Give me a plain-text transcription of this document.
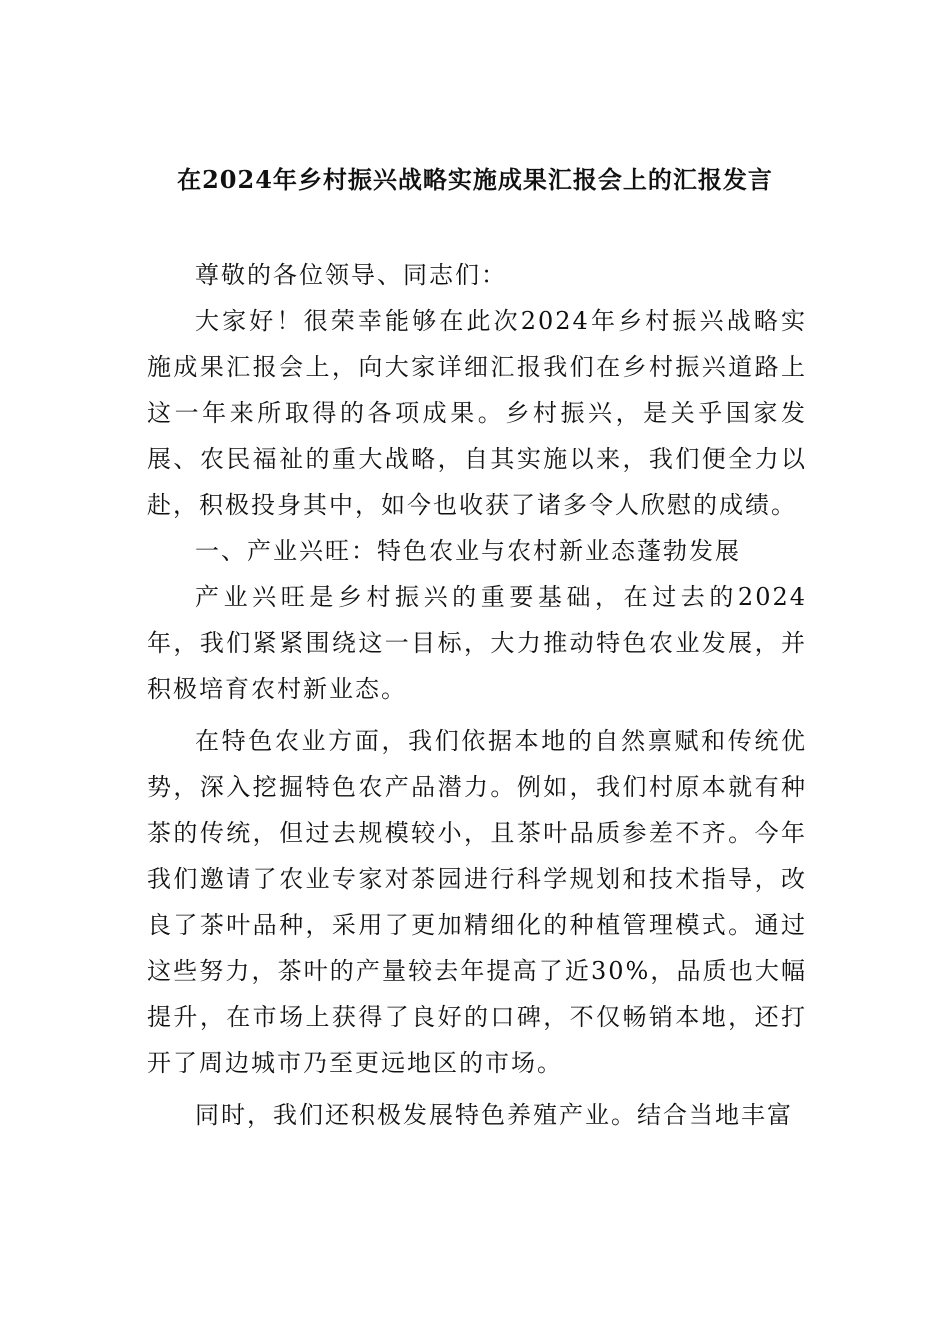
在2024年乡村振兴战略实施成果汇报会上的汇报发言

尊敬的各位领导、同志们：

大家好！很荣幸能够在此次2024年乡村振兴战略实施成果汇报会上，向大家详细汇报我们在乡村振兴道路上这一年来所取得的各项成果。乡村振兴，是关乎国家发展、农民福祉的重大战略，自其实施以来，我们便全力以赴，积极投身其中，如今也收获了诸多令人欣慰的成绩。

一、产业兴旺：特色农业与农村新业态蓬勃发展

产业兴旺是乡村振兴的重要基础，在过去的2024年，我们紧紧围绕这一目标，大力推动特色农业发展，并积极培育农村新业态。

在特色农业方面，我们依据本地的自然禀赋和传统优势，深入挖掘特色农产品潜力。例如，我们村原本就有种茶的传统，但过去规模较小，且茶叶品质参差不齐。今年我们邀请了农业专家对茶园进行科学规划和技术指导，改良了茶叶品种，采用了更加精细化的种植管理模式。通过这些努力，茶叶的产量较去年提高了近30%，品质也大幅提升，在市场上获得了良好的口碑，不仅畅销本地，还打开了周边城市乃至更远地区的市场。

同时，我们还积极发展特色养殖产业。结合当地丰富
